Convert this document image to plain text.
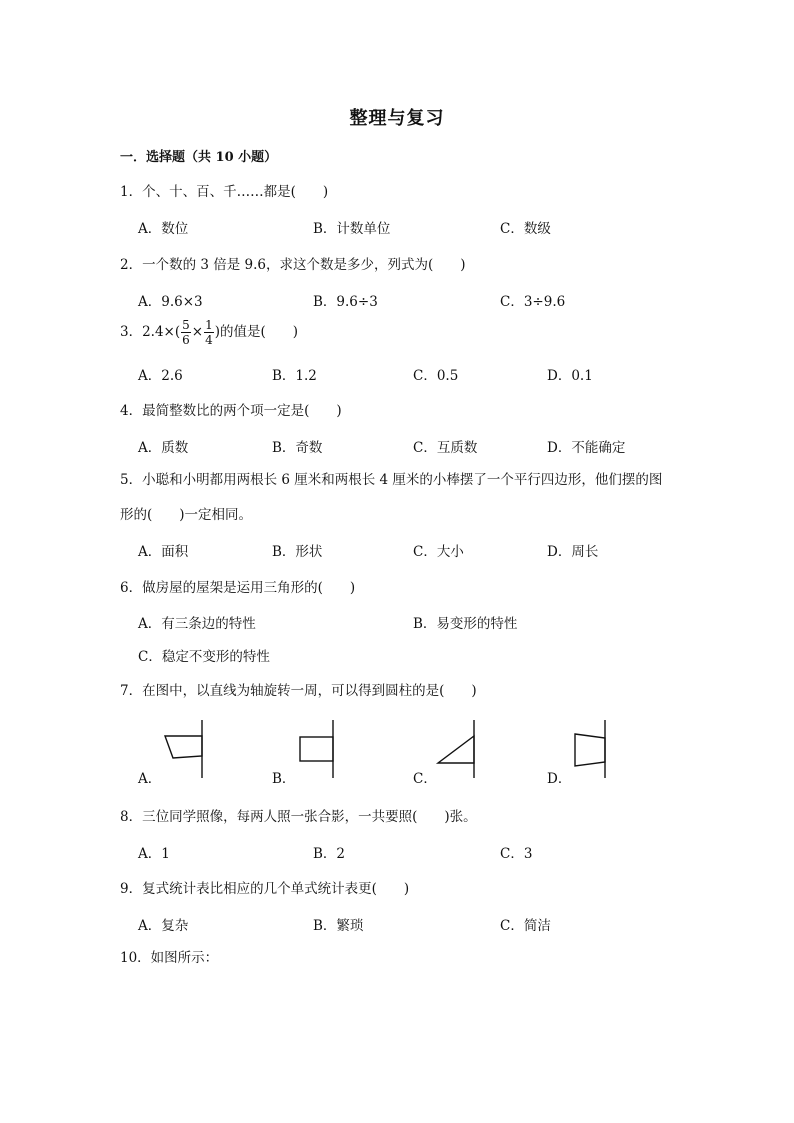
整理与复习
一．选择题（共 10 小题）
1．个、十、百、千……都是(　　)
A．数位	B．计数单位	C．数级
2．一个数的 3 倍是 9.6，求这个数是多少，列式为(　　)
A．9.6×3	B．9.6÷3	C．3÷9.6
3．$2.4\times( \frac{5}{6} \times \frac{1}{4}$ )的值是(　　)
A．2.6	B．1.2	C．0.5	D．0.1
4．最简整数比的两个项一定是(　　)
A．质数	B．奇数	C．互质数	D．不能确定
5．小聪和小明都用两根长 6 厘米和两根长 4 厘米的小棒摆了一个平行四边形，他们摆的图
形的(　　)一定相同。
A．面积	B．形状	C．大小	D．周长
6．做房屋的屋架是运用三角形的(　　)
A．有三条边的特性	B．易变形的特性
C．稳定不变形的特性
7．在图中，以直线为轴旋转一周，可以得到圆柱的是(　　)
A．	B．	C．	D．
8．三位同学照像，每两人照一张合影，一共要照(　　)张。
A．1	B．2	C．3
9．复式统计表比相应的几个单式统计表更(　　)
A．复杂	B．繁琐	C．简洁
10．如图所示：
